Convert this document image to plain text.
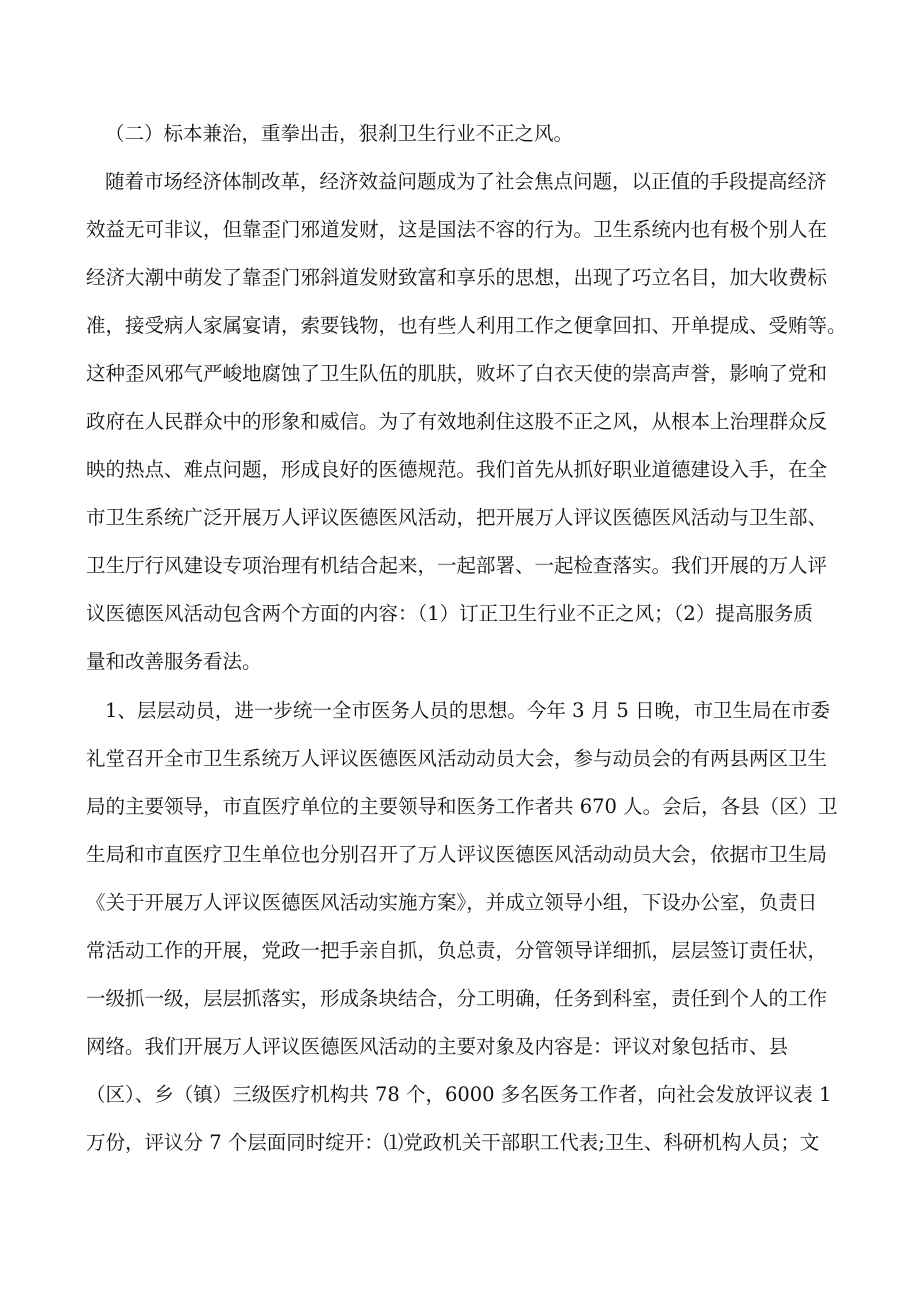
（二）标本兼治，重拳出击，狠刹卫生行业不正之风。
随着市场经济体制改革，经济效益问题成为了社会焦点问题，以正值的手段提高经济
效益无可非议，但靠歪门邪道发财，这是国法不容的行为。卫生系统内也有极个别人在
经济大潮中萌发了靠歪门邪斜道发财致富和享乐的思想，出现了巧立名目，加大收费标
准，接受病人家属宴请，索要钱物，也有些人利用工作之便拿回扣、开单提成、受贿等。
这种歪风邪气严峻地腐蚀了卫生队伍的肌肤，败坏了白衣天使的崇高声誉，影响了党和
政府在人民群众中的形象和威信。为了有效地刹住这股不正之风，从根本上治理群众反
映的热点、难点问题，形成良好的医德规范。我们首先从抓好职业道德建设入手，在全
市卫生系统广泛开展万人评议医德医风活动，把开展万人评议医德医风活动与卫生部、
卫生厅行风建设专项治理有机结合起来，一起部署、一起检查落实。我们开展的万人评
议医德医风活动包含两个方面的内容：（1）订正卫生行业不正之风；（2）提高服务质
量和改善服务看法。
1、层层动员，进一步统一全市医务人员的思想。今年 3 月 5 日晚，市卫生局在市委
礼堂召开全市卫生系统万人评议医德医风活动动员大会，参与动员会的有两县两区卫生
局的主要领导，市直医疗单位的主要领导和医务工作者共 670 人。会后，各县（区）卫
生局和市直医疗卫生单位也分别召开了万人评议医德医风活动动员大会，依据市卫生局
《关于开展万人评议医德医风活动实施方案》，并成立领导小组，下设办公室，负责日
常活动工作的开展，党政一把手亲自抓，负总责，分管领导详细抓，层层签订责任状，
一级抓一级，层层抓落实，形成条块结合，分工明确，任务到科室，责任到个人的工作
网络。我们开展万人评议医德医风活动的主要对象及内容是：评议对象包括市、县
（区）、乡（镇）三级医疗机构共 78 个，6000 多名医务工作者，向社会发放评议表 1
万份，评议分 7 个层面同时绽开：⑴党政机关干部职工代表;卫生、科研机构人员；文
